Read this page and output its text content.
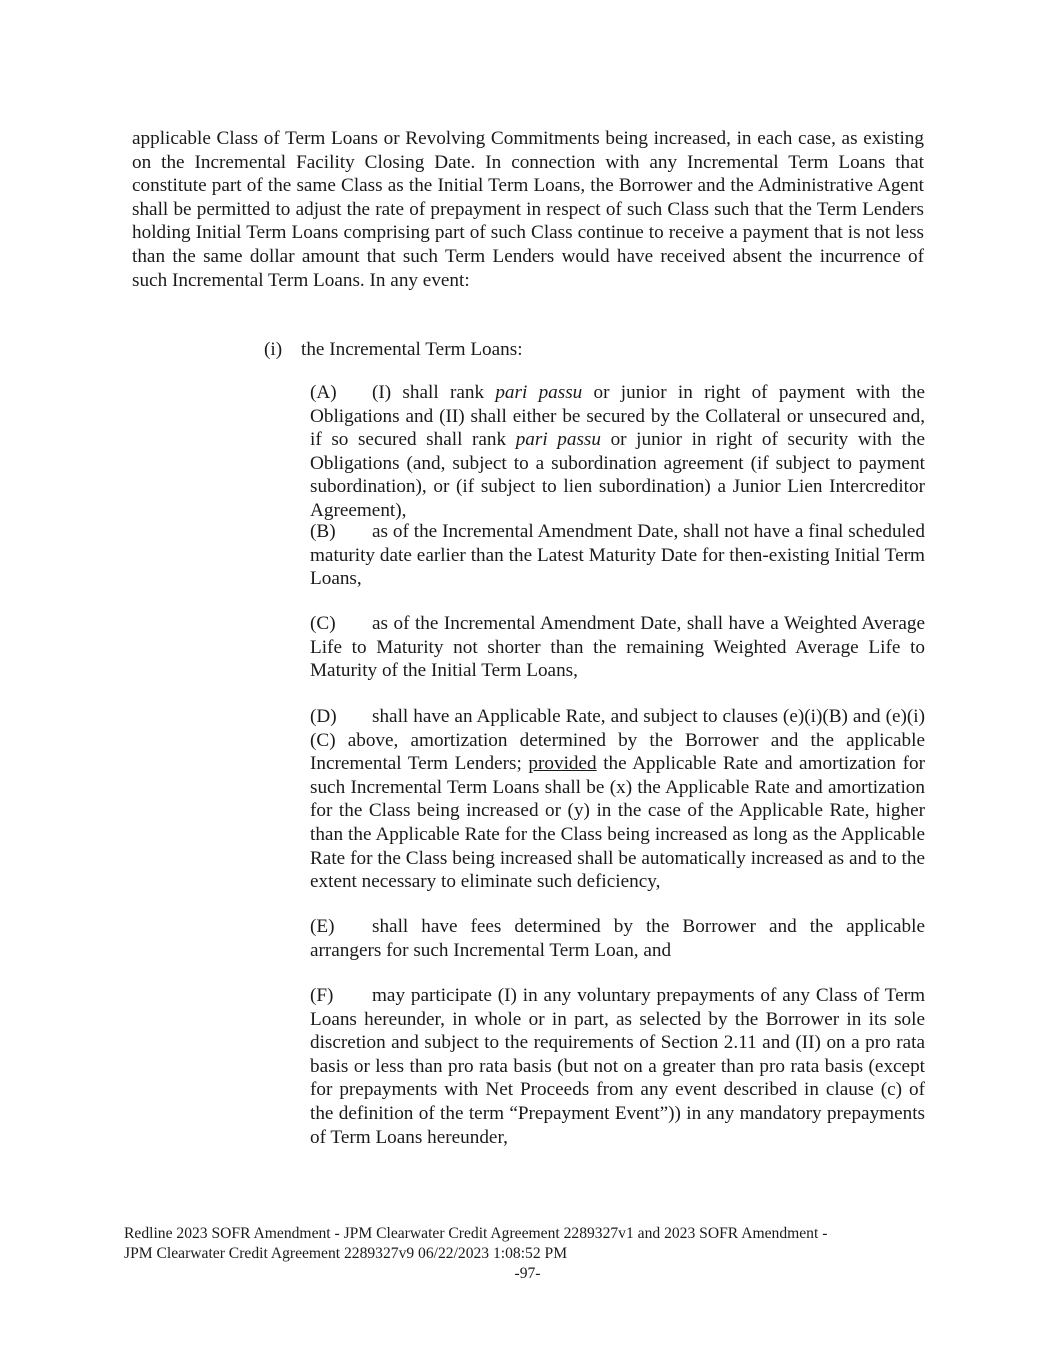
applicable Class of Term Loans or Revolving Commitments being increased, in each case, as existing on the Incremental Facility Closing Date. In connection with any Incremental Term Loans that constitute part of the same Class as the Initial Term Loans, the Borrower and the Administrative Agent shall be permitted to adjust the rate of prepayment in respect of such Class such that the Term Lenders holding Initial Term Loans comprising part of such Class continue to receive a payment that is not less than the same dollar amount that such Term Lenders would have received absent the incurrence of such Incremental Term Loans. In any event:

(i) the Incremental Term Loans:

(A) (I) shall rank pari passu or junior in right of payment with the Obligations and (II) shall either be secured by the Collateral or unsecured and, if so secured shall rank pari passu or junior in right of security with the Obligations (and, subject to a subordination agreement (if subject to payment subordination), or (if subject to lien subordination) a Junior Lien Intercreditor Agreement),

(B) as of the Incremental Amendment Date, shall not have a final scheduled maturity date earlier than the Latest Maturity Date for then-existing Initial Term Loans,

(C) as of the Incremental Amendment Date, shall have a Weighted Average Life to Maturity not shorter than the remaining Weighted Average Life to Maturity of the Initial Term Loans,

(D) shall have an Applicable Rate, and subject to clauses (e)(i)(B) and (e)(i)(C) above, amortization determined by the Borrower and the applicable Incremental Term Lenders; provided the Applicable Rate and amortization for such Incremental Term Loans shall be (x) the Applicable Rate and amortization for the Class being increased or (y) in the case of the Applicable Rate, higher than the Applicable Rate for the Class being increased as long as the Applicable Rate for the Class being increased shall be automatically increased as and to the extent necessary to eliminate such deficiency,

(E) shall have fees determined by the Borrower and the applicable arrangers for such Incremental Term Loan, and

(F) may participate (I) in any voluntary prepayments of any Class of Term Loans hereunder, in whole or in part, as selected by the Borrower in its sole discretion and subject to the requirements of Section 2.11 and (II) on a pro rata basis or less than pro rata basis (but not on a greater than pro rata basis (except for prepayments with Net Proceeds from any event described in clause (c) of the definition of the term “Prepayment Event”)) in any mandatory prepayments of Term Loans hereunder,

Redline 2023 SOFR Amendment - JPM Clearwater Credit Agreement 2289327v1 and 2023 SOFR Amendment -

JPM Clearwater Credit Agreement 2289327v9 06/22/2023 1:08:52 PM

-97-
